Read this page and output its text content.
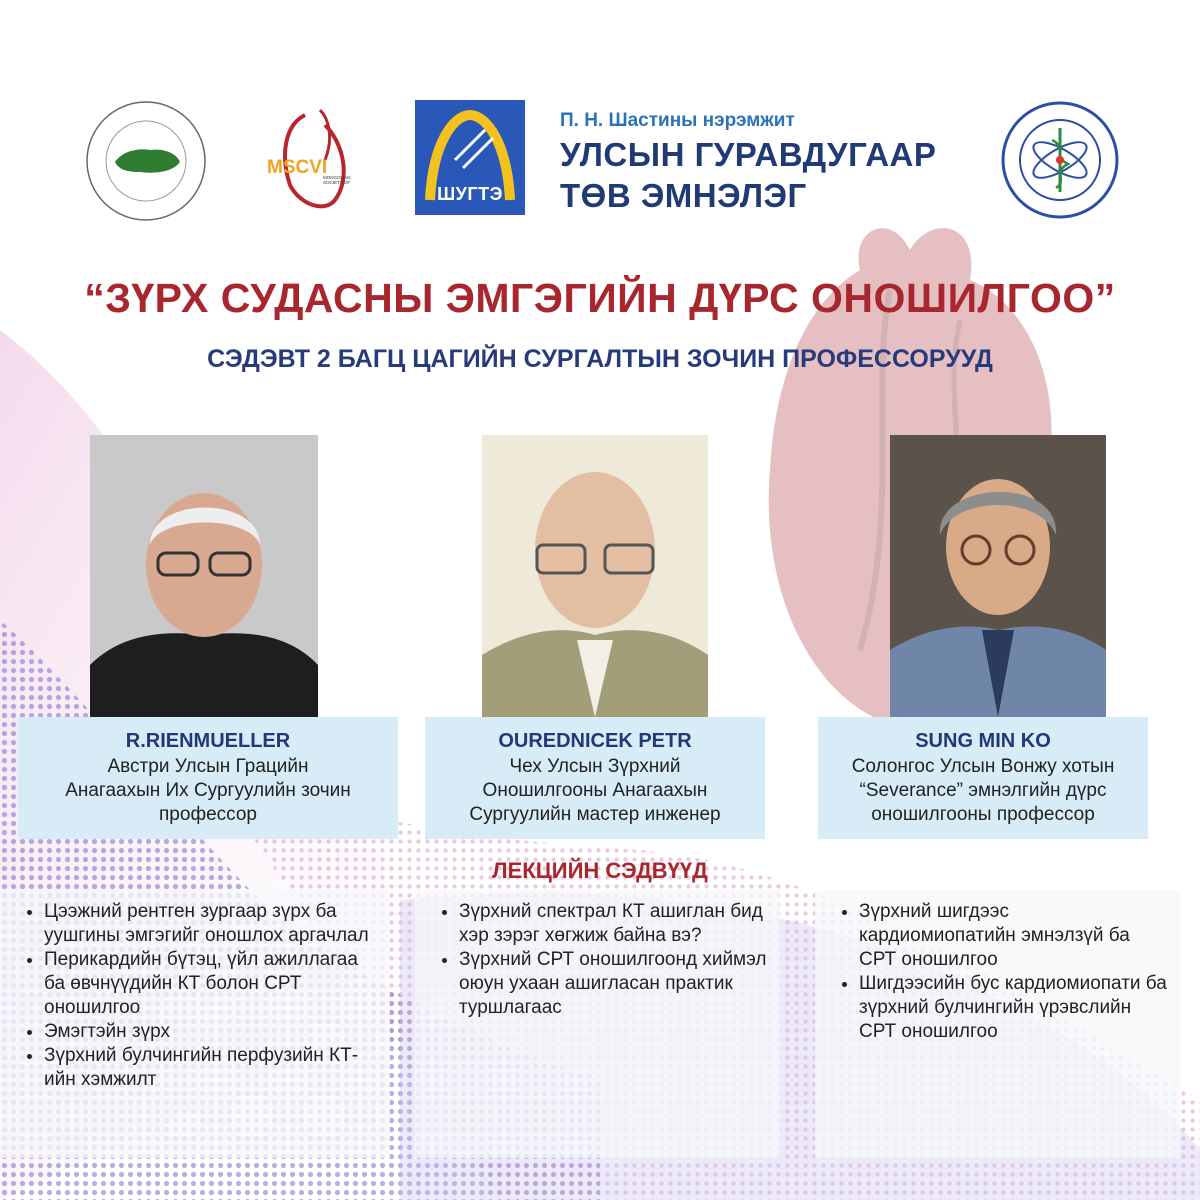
MSCVI
MONGOLIAN
SOCIETY OF
ШУГТЭ
П. Н. Шастины нэрэмжит
УЛСЫН ГУРАВДУГААР
ТӨВ ЭМНЭЛЭГ
“ЗҮРХ СУДАСНЫ ЭМГЭГИЙН ДҮРС ОНОШИЛГОО”
СЭДЭВТ 2 БАГЦ ЦАГИЙН СУРГАЛТЫН ЗОЧИН ПРОФЕССОРУУД
R.RIENMUELLER
Австри Улсын Грацийн
Анагаахын Их Сургуулийн зочин
профессор
OUREDNICEK PETR
Чех Улсын Зүрхний
Оношилгооны Анагаахын
Сургуулийн мастер инженер
SUNG MIN KO
Солонгос Улсын Вонжу хотын
“Severance” эмнэлгийн дүрс
оношилгооны профессор
ЛЕКЦИЙН СЭДВҮҮД
• Цээжний рентген зургаар зүрх ба уушгины эмгэгийг оношлох аргачлал
• Перикардийн бүтэц, үйл ажиллагаа ба өвчнүүдийн КТ болон СРТ оношилгоо
• Эмэгтэйн зүрх
• Зүрхний булчингийн перфузийн КТ-ийн хэмжилт
• Зүрхний спектрал КТ ашиглан бид хэр зэрэг хөгжиж байна вэ?
• Зүрхний СРТ оношилгоонд хиймэл оюун ухаан ашигласан практик туршлагаас
• Зүрхний шигдээс кардиомиопатийн эмнэлзүй ба СРТ оношилгоо
• Шигдээсийн бус кардиомиопати ба зүрхний булчингийн үрэвслийн СРТ оношилгоо
